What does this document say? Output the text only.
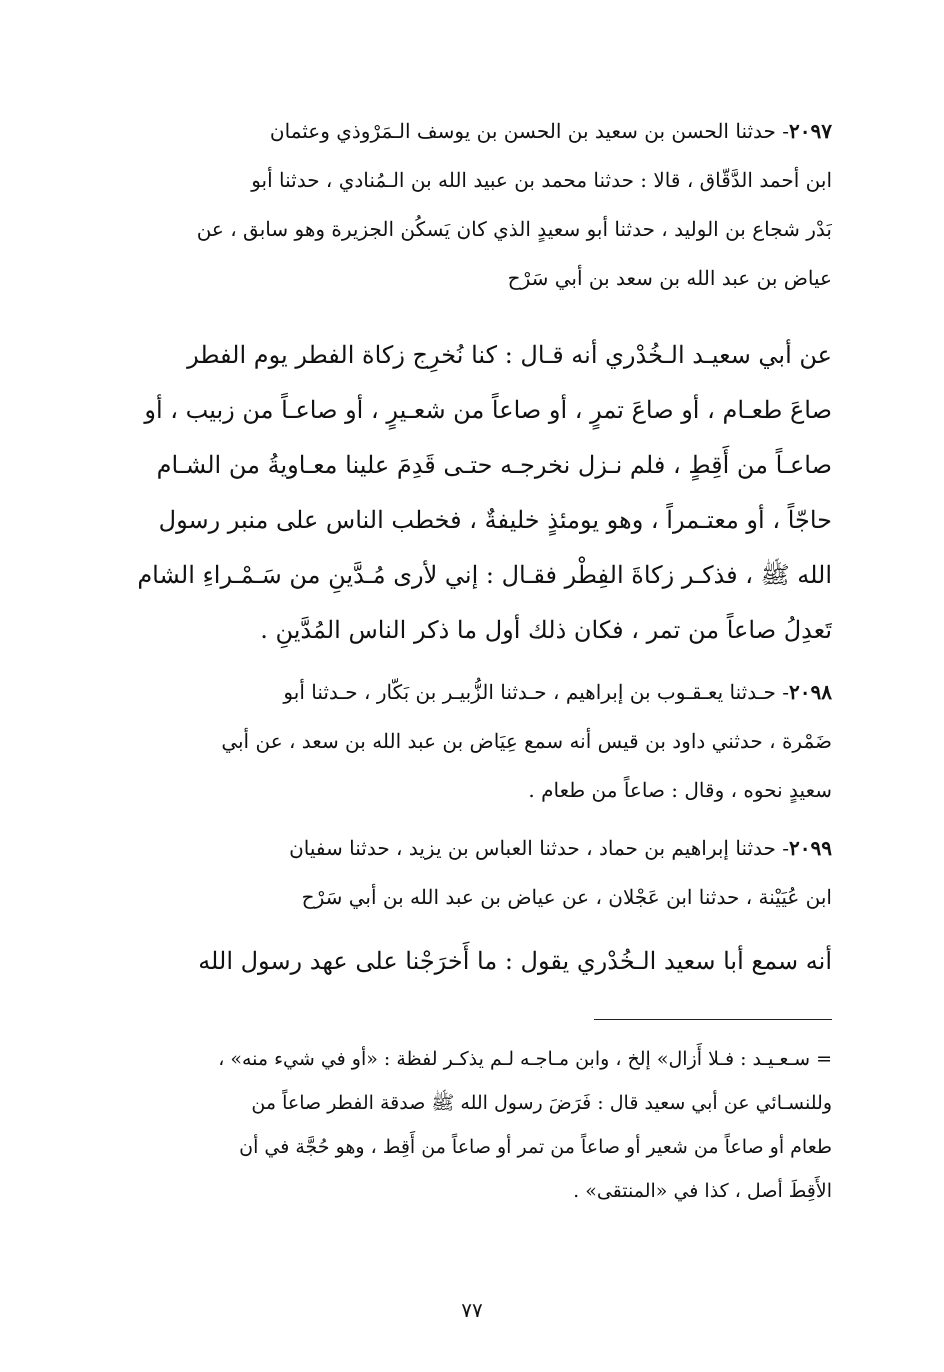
٢٠٩٧- حدثنا الحسن بن سعيد بن الحسن بن يوسف الـمَرْوذي وعثمان
ابن أحمد الدَّقّاق ، قالا : حدثنا محمد بن عبيد الله بن الـمُنادي ، حدثنا أبو
بَدْر شجاع بن الوليد ، حدثنا أبو سعيدٍ الذي كان يَسكُن الجزيرة وهو سابق ، عن
عياض بن عبد الله بن سعد بن أبي سَرْح
عن أبي سعيـد الـخُدْري أنه قـال : كنا نُخرِج زكاة الفطر يوم الفطر
صاعَ طعـام ، أو صاعَ تمرٍ ، أو صاعاً من شعـيرٍ ، أو صاعـاً من زبيب ، أو
صاعـاً من أَقِطٍ ، فلم نـزل نخرجـه حتـى قَدِمَ علينا معـاويةُ من الشـام
حاجّاً ، أو معتـمراً ، وهو يومئذٍ خليفةٌ ، فخطب الناس على منبر رسول
الله ﷺ ، فذكـر زكاةَ الفِطْر فقـال : إني لأرى مُـدَّينِ من سَـمْـراءِ الشام
تَعدِلُ صاعاً من تمر ، فكان ذلك أول ما ذكر الناس المُدَّينِ .
٢٠٩٨- حـدثنا يعـقـوب بن إبراهيم ، حـدثنا الزُّبيـر بن بَكّار ، حـدثنا أبو
ضَمْرة ، حدثني داود بن قيس أنه سمع عِيَاض بن عبد الله بن سعد ، عن أبي
سعيدٍ نحوه ، وقال : صاعاً من طعام .
٢٠٩٩- حدثنا إبراهيم بن حماد ، حدثنا العباس بن يزيد ، حدثنا سفيان
ابن عُيَيْنة ، حدثنا ابن عَجْلان ، عن عياض بن عبد الله بن أبي سَرْح
أنه سمع أبا سعيد الـخُدْري يقول : ما أَخرَجْنا على عهد رسول الله
= سـعـيـد : فـلا أَزال» إلخ ، وابن مـاجـه لـم يذكـر لفظة : «أو في شيء منه» ،
وللنسـائي عن أبي سعيد قال : فَرَضَ رسول الله ﷺ صدقة الفطر صاعاً من
طعام أو صاعاً من شعير أو صاعاً من تمر أو صاعاً من أَقِط ، وهو حُجَّة في أن
الأَقِطَ أصل ، كذا في «المنتقى» .
٧٧
